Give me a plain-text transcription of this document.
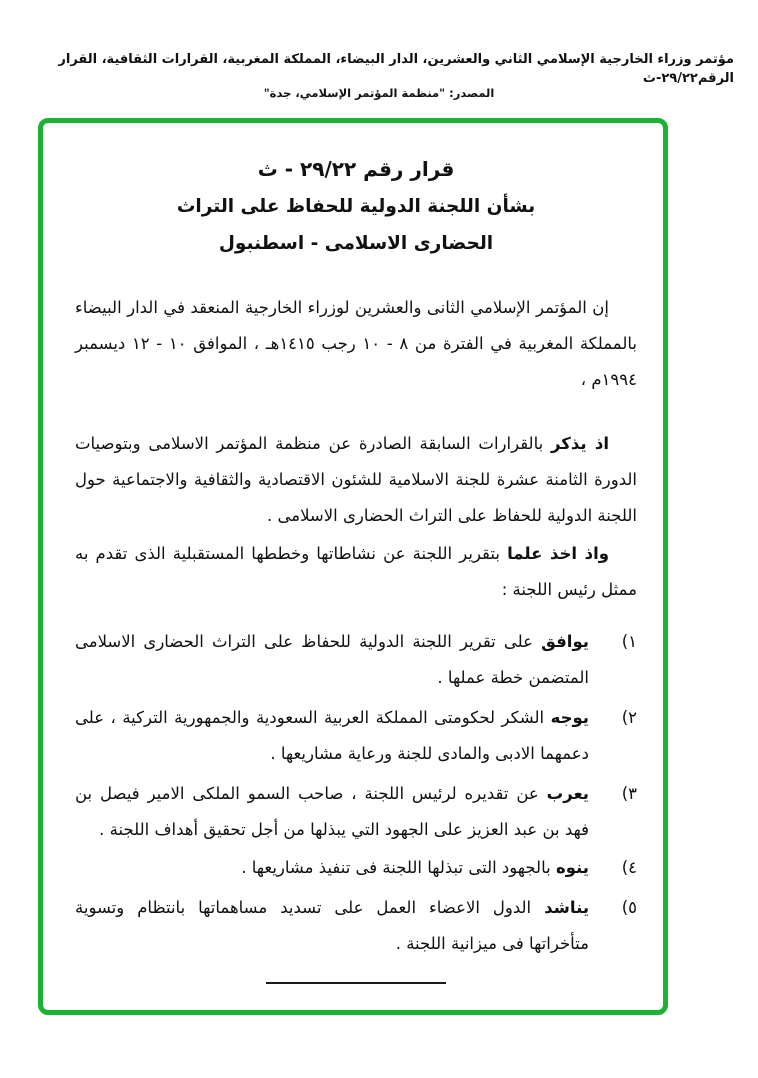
مؤتمر وزراء الخارجية الإسلامي الثاني والعشرين، الدار البيضاء، المملكة المغربية، القرارات الثقافية، القرار الرقم٢٩/٢٢-ث
المصدر: "منظمة المؤتمر الإسلامي، جدة"
قرار رقم ٢٩/٢٢ - ث
بشأن اللجنة الدولية للحفاظ على التراث
الحضارى الاسلامى - اسطنبول

إن المؤتمر الإسلامي الثانى والعشرين لوزراء الخارجية المنعقد في الدار البيضاء بالمملكة المغربية في الفترة من ٨ - ١٠ رجب ١٤١٥هـ ، الموافق ١٠ - ١٢ ديسمبر ١٩٩٤م ،

اذ يذكر بالقرارات السابقة الصادرة عن منظمة المؤتمر الاسلامى وبتوصيات الدورة الثامنة عشرة للجنة الاسلامية للشئون الاقتصادية والثقافية والاجتماعية حول اللجنة الدولية للحفاظ على التراث الحضارى الاسلامى .

واذ اخذ علما بتقرير اللجنة عن نشاطاتها وخططها المستقبلية الذى تقدم به ممثل رئيس اللجنة :

١)
يوافق على تقرير اللجنة الدولية للحفاظ على التراث الحضارى الاسلامى المتضمن خطة عملها .
٢)
يوجه الشكر لحكومتى المملكة العربية السعودية والجمهورية التركية ، على دعمهما الادبى والمادى للجنة ورعاية مشاريعها .
٣)
يعرب عن تقديره لرئيس اللجنة ، صاحب السمو الملكى الامير فيصل بن فهد بن عبد العزيز على الجهود التي يبذلها من أجل تحقيق أهداف اللجنة .
٤)
ينوه بالجهود التى تبذلها اللجنة فى تنفيذ مشاريعها .
٥)
يناشد الدول الاعضاء العمل على تسديد مساهماتها بانتظام وتسوية متأخراتها فى ميزانية اللجنة .
